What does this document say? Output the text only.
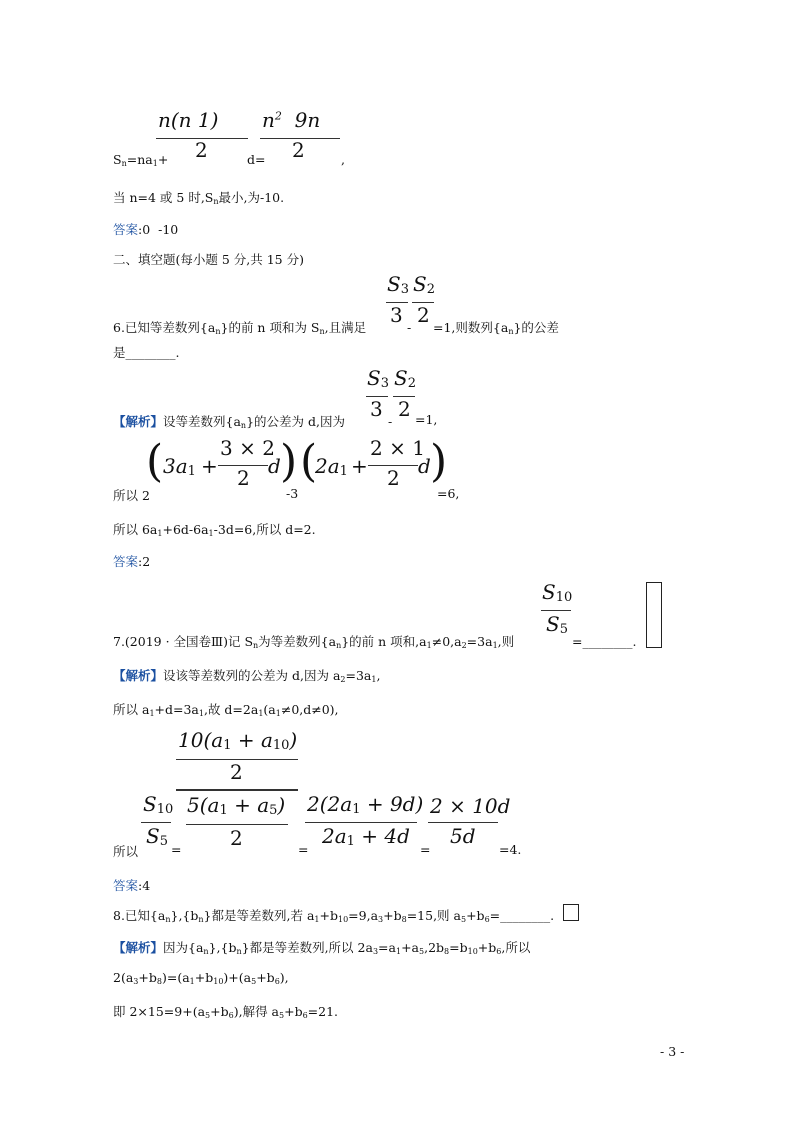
n(n 1)
2
$n^2$  9n
2
$S_n=na_1+$	d=	,
当 n=4 或 5 时$,S_n$最小,为-10.
答案:0  -10
二、填空题(每小题 5 分,共 15 分)
$S_3$
3
$S_2$
2
6.已知等差数列$\{a_n\}$的前 n 项和为 $S_n$,且满足	- =1,则数列$\{a_n\}$的公差
是________.
$S_3$
3
$S_2$
2
【解析】设等差数列$\{a_n\}$的公差为 d,因为	- =1,
( $3a_1$ +
3 × 2
2 d ) (
$2a_1$ +
2 × 1
2 d )
所以 2	-3	=6,
所以 $6a_1+6d-6a_1-3d=6$,所以 d=2.
答案:2
$S_{10}$
$S_5$
7.(2019 · 全国卷Ⅲ)记 $S_n$为等差数列$\{a_n\}$的前 n 项和$,a_1\ne 0,a_2=3a_1$,则	=________.
【解析】设该等差数列的公差为 d,因为 $a_2=3a_1$,
所以 $a_1+d=3a_1$,故 $d=2a_1(a_1\ne 0,d\ne 0)$,
$10(a_1 + a_{10})$
2
$5(a_1 + a_5)$
2
$S_{10}$
$S_5$
$2(2a_1 + 9d)$
$2a_1 + 4d$
2 × 10d
5d
所以	=	=	=	=4.
答案:4
8.已知$\{a_n\},\{b_n\}$都是等差数列,若 $a_1+b_{10}=9,a_3+b_8=15$,则 $a_5+b_6=\_\_\_\_\_\_\_\_$.
【解析】因为$\{a_n\},\{b_n\}$都是等差数列,所以 $2a_3=a_1+a_5,2b_8=b_{10}+b_6$,所以
$2(a_3+b_8)=(a_1+b_{10})+(a_5+b_6)$,
即 $2\times 15=9+(a_5+b_6)$,解得 $a_5+b_6=21$.
- 3 -
